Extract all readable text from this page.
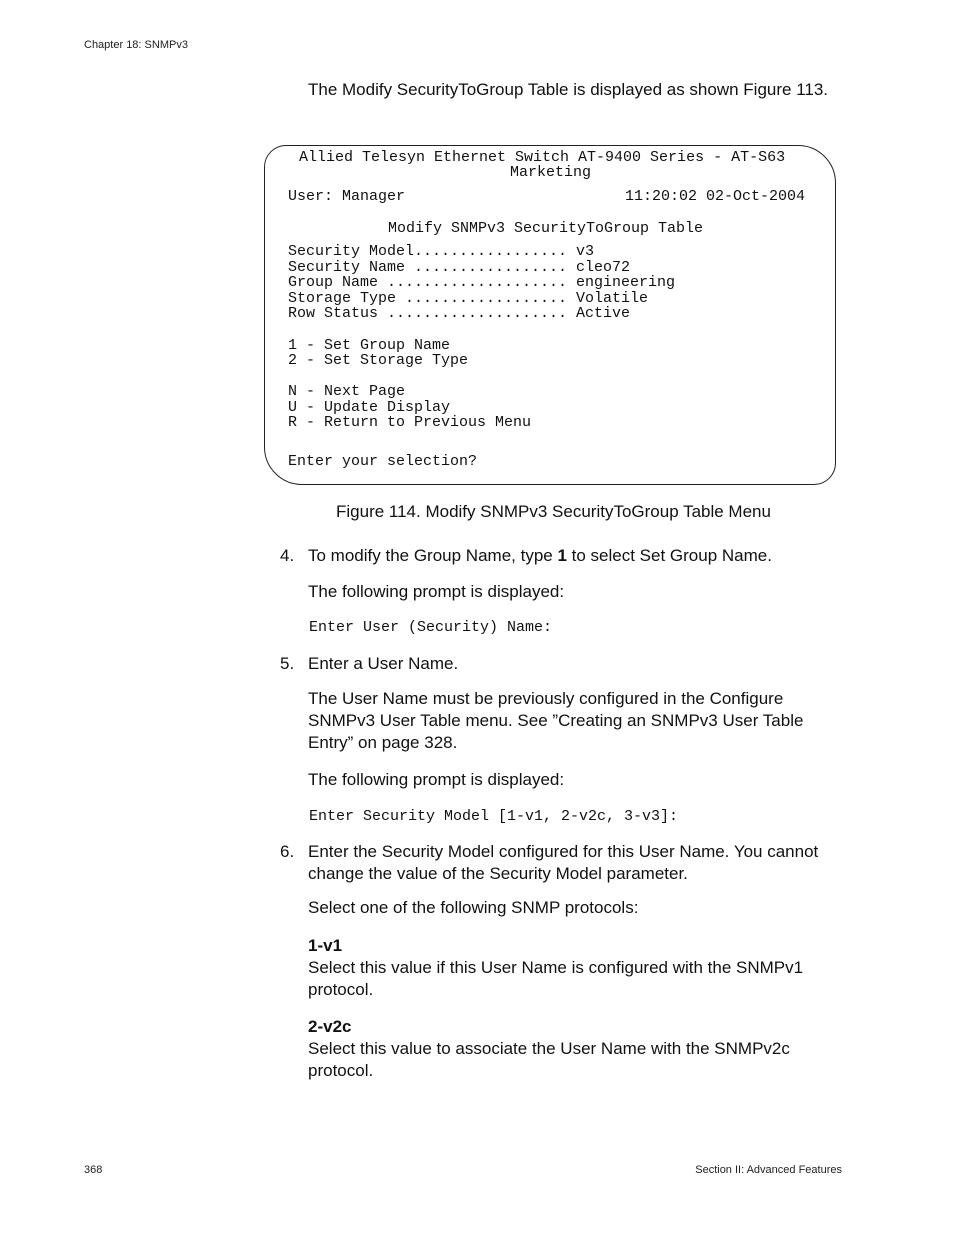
Chapter 18: SNMPv3
The Modify SecurityToGroup Table is displayed as shown Figure 113.
Allied Telesyn Ethernet Switch AT-9400 Series - AT-S63
Marketing
User: Manager	11:20:02 02-Oct-2004
Modify SNMPv3 SecurityToGroup Table
Security Model................. v3
Security Name ................. cleo72
Group Name .................... engineering
Storage Type .................. Volatile
Row Status .................... Active
1 - Set Group Name
2 - Set Storage Type
N - Next Page
U - Update Display
R - Return to Previous Menu
Enter your selection?
Figure 114. Modify SNMPv3 SecurityToGroup Table Menu
4. To modify the Group Name, type 1 to select Set Group Name.
The following prompt is displayed:
Enter User (Security) Name:
5. Enter a User Name.
The User Name must be previously configured in the Configure SNMPv3 User Table menu. See ”Creating an SNMPv3 User Table Entry” on page 328.
The following prompt is displayed:
Enter Security Model [1-v1, 2-v2c, 3-v3]:
6. Enter the Security Model configured for this User Name. You cannot change the value of the Security Model parameter.
Select one of the following SNMP protocols:
1-v1
Select this value if this User Name is configured with the SNMPv1 protocol.
2-v2c
Select this value to associate the User Name with the SNMPv2c protocol.
368	Section II: Advanced Features
